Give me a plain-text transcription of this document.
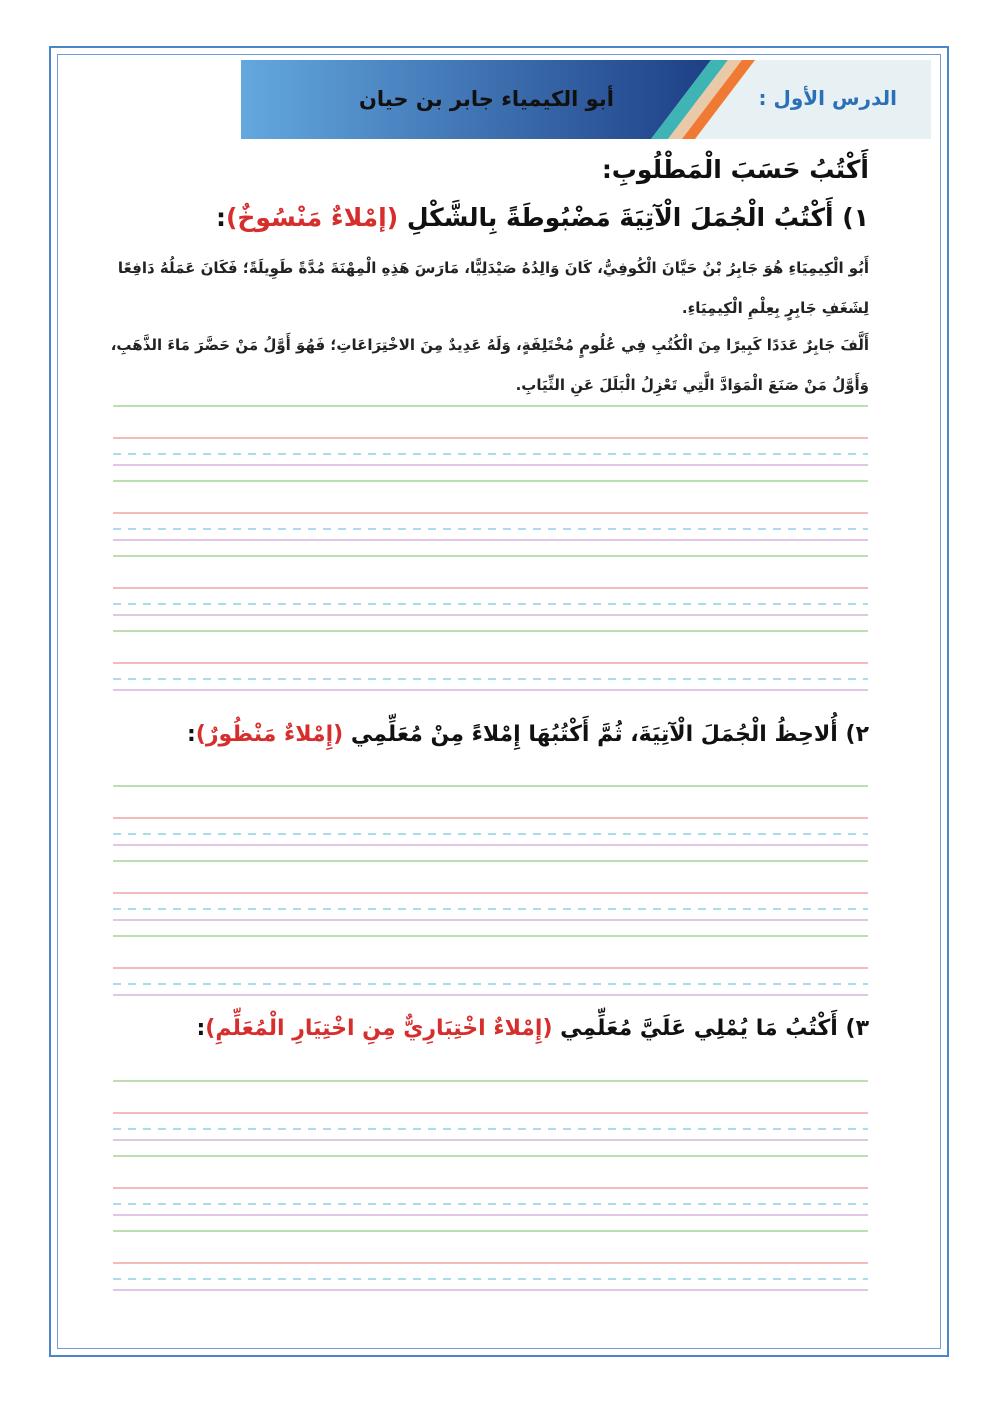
الدرس الأول :
أبو الكيمياء جابر بن حيان
أَكْتُبُ حَسَبَ الْمَطْلُوبِ:
١) أَكْتُبُ الْجُمَلَ الْآتِيَةَ مَضْبُوطَةً بِالشَّكْلِ (إمْلاءٌ مَنْسُوخٌ):
أَبُو الْكِيمِيَاءِ هُوَ جَابِرُ بْنُ حَيَّانَ الْكُوفِيُّ، كَانَ وَالِدُهُ صَيْدَلِيًّا، مَارَسَ هَذِهِ الْمِهْنَةَ مُدَّةً طَوِيلَةً؛ فَكَانَ عَمَلُهُ دَافِعًا لِشَغَفِ جَابِرٍ بِعِلْمِ الْكِيمِيَاءِ.
أَلَّفَ جَابِرٌ عَدَدًا كَبِيرًا مِنَ الْكُتُبِ فِي عُلُومٍ مُخْتَلِفَةٍ، وَلَهُ عَدِيدٌ مِنَ الاخْتِرَاعَاتِ؛ فَهُوَ أَوَّلُ مَنْ حَضَّرَ مَاءَ الذَّهَبِ، وَأَوَّلُ مَنْ صَنَعَ الْمَوَادَّ الَّتِي تَعْزِلُ الْبَلَلَ عَنِ الثِّيَابِ.
٢) أُلاحِظُ الْجُمَلَ الْآتِيَةَ، ثُمَّ أَكْتُبُهَا إِمْلاءً مِنْ مُعَلِّمِي (إِمْلاءٌ مَنْظُورٌ):
٣) أَكْتُبُ مَا يُمْلِي عَلَيَّ مُعَلِّمِي (إِمْلاءٌ اخْتِبَارِيٌّ مِنِ اخْتِيَارِ الْمُعَلِّمِ):
